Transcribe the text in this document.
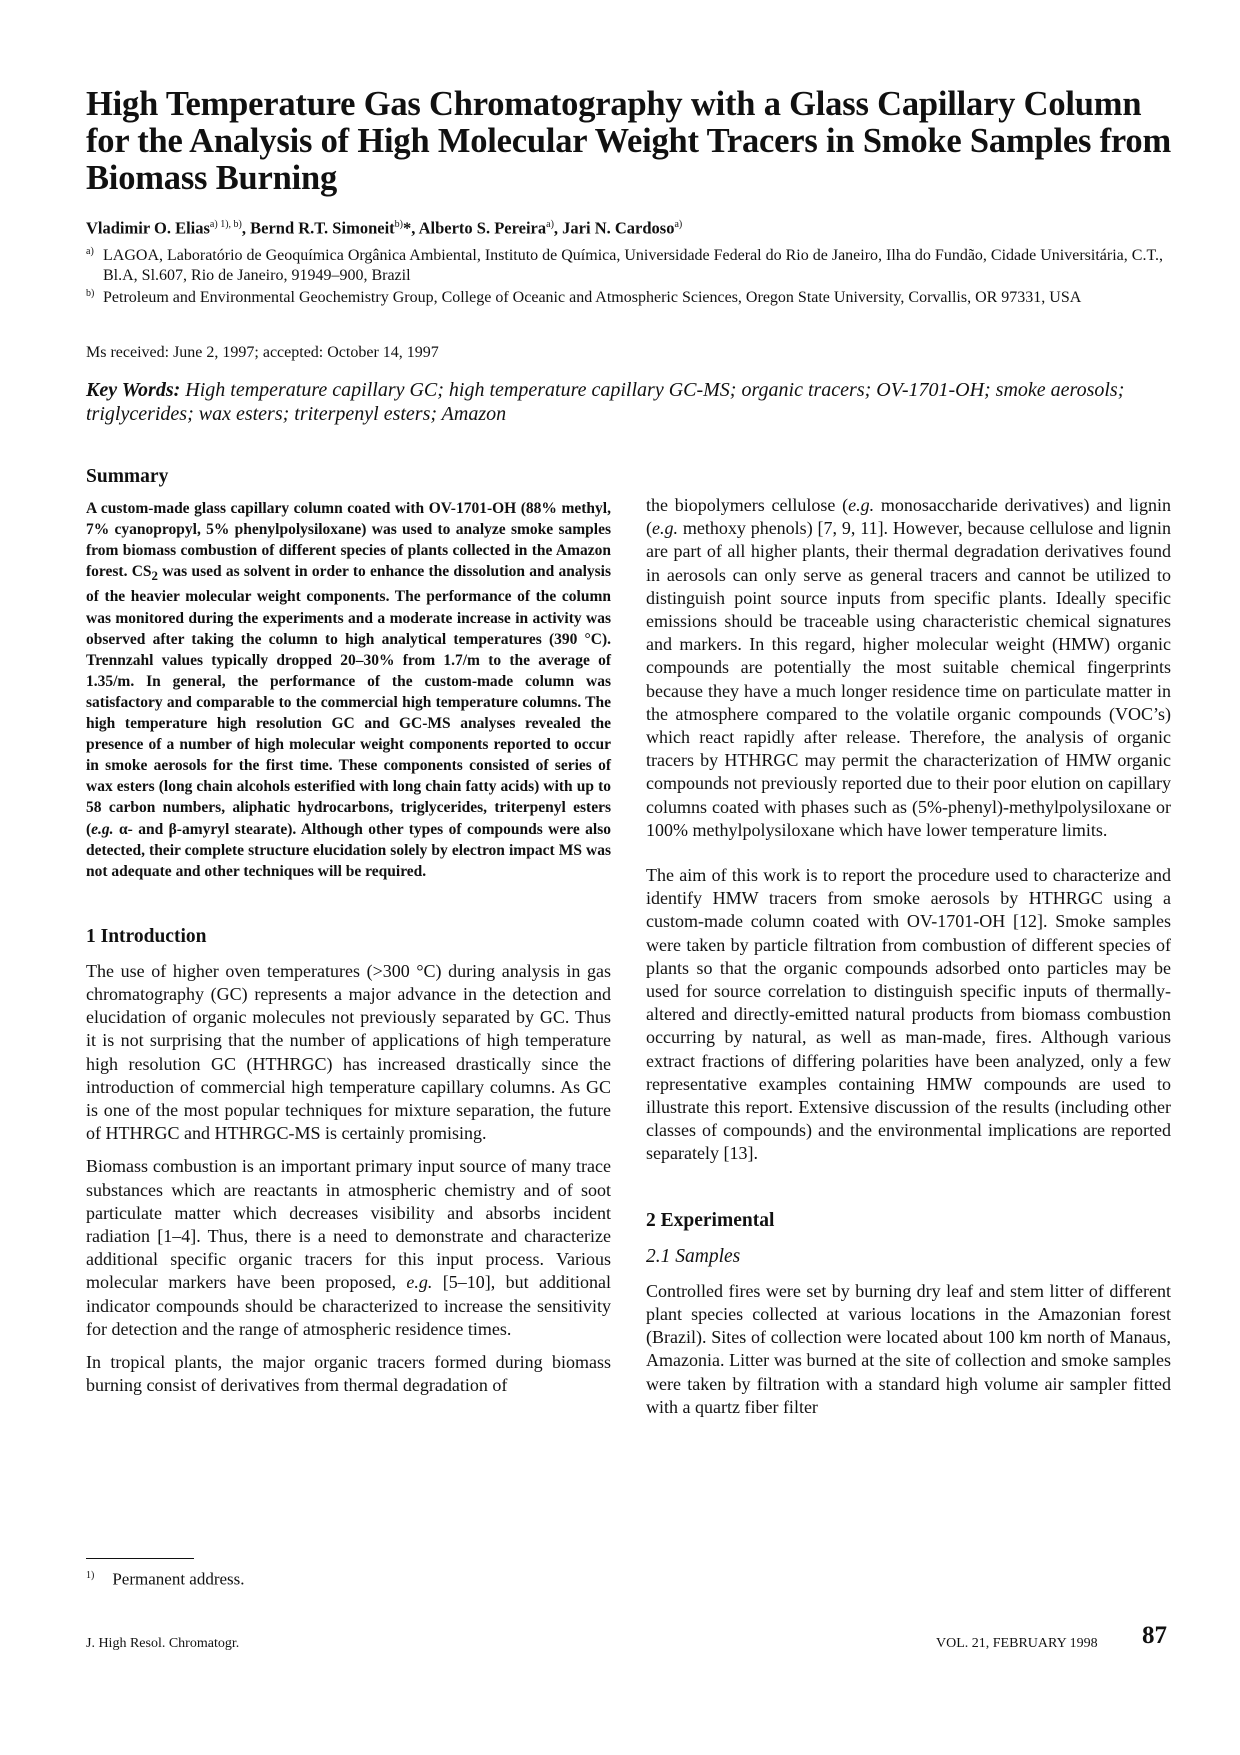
High Temperature Gas Chromatography with a Glass Capillary Column for the Analysis of High Molecular Weight Tracers in Smoke Samples from Biomass Burning

Vladimir O. Elias$^{a) 1), b)}$, Bernd R.T. Simoneit$^{b)}$*, Alberto S. Pereira$^{a)}$, Jari N. Cardoso$^{a)}$

a) LAGOA, Laboratório de Geoquímica Orgânica Ambiental, Instituto de Química, Universidade Federal do Rio de Janeiro, Ilha do Fundão, Cidade Universitária, C.T., Bl.A, Sl.607, Rio de Janeiro, 91949–900, Brazil
b) Petroleum and Environmental Geochemistry Group, College of Oceanic and Atmospheric Sciences, Oregon State University, Corvallis, OR 97331, USA
Ms received: June 2, 1997; accepted: October 14, 1997
Key Words: High temperature capillary GC; high temperature capillary GC-MS; organic tracers; OV-1701-OH; smoke aerosols; triglycerides; wax esters; triterpenyl esters; Amazon
Summary

A custom-made glass capillary column coated with OV-1701-OH (88% methyl, 7% cyanopropyl, 5% phenylpolysiloxane) was used to analyze smoke samples from biomass combustion of different species of plants collected in the Amazon forest. $CS_2$ was used as solvent in order to enhance the dissolution and analysis of the heavier molecular weight components. The performance of the column was monitored during the experiments and a moderate increase in activity was observed after taking the column to high analytical temperatures (390 °C). Trennzahl values typically dropped 20–30% from 1.7/m to the average of 1.35/m. In general, the performance of the custom-made column was satisfactory and comparable to the commercial high temperature columns. The high temperature high resolution GC and GC-MS analyses revealed the presence of a number of high molecular weight components reported to occur in smoke aerosols for the first time. These components consisted of series of wax esters (long chain alcohols esterified with long chain fatty acids) with up to 58 carbon numbers, aliphatic hydrocarbons, triglycerides, triterpenyl esters (e.g. α- and β-amyryl stearate). Although other types of compounds were also detected, their complete structure elucidation solely by electron impact MS was not adequate and other techniques will be required.

1 Introduction

The use of higher oven temperatures (>300 °C) during analysis in gas chromatography (GC) represents a major advance in the detection and elucidation of organic molecules not previously separated by GC. Thus it is not surprising that the number of applications of high temperature high resolution GC (HTHRGC) has increased drastically since the introduction of commercial high temperature capillary columns. As GC is one of the most popular techniques for mixture separation, the future of HTHRGC and HTHRGC-MS is certainly promising.

Biomass combustion is an important primary input source of many trace substances which are reactants in atmospheric chemistry and of soot particulate matter which decreases visibility and absorbs incident radiation [1–4]. Thus, there is a need to demonstrate and characterize additional specific organic tracers for this input process. Various molecular markers have been proposed, e.g. [5–10], but additional indicator compounds should be characterized to increase the sensitivity for detection and the range of atmospheric residence times.

In tropical plants, the major organic tracers formed during biomass burning consist of derivatives from thermal degradation of

the biopolymers cellulose (e.g. monosaccharide derivatives) and lignin (e.g. methoxy phenols) [7, 9, 11]. However, because cellulose and lignin are part of all higher plants, their thermal degradation derivatives found in aerosols can only serve as general tracers and cannot be utilized to distinguish point source inputs from specific plants. Ideally specific emissions should be traceable using characteristic chemical signatures and markers. In this regard, higher molecular weight (HMW) organic compounds are potentially the most suitable chemical fingerprints because they have a much longer residence time on particulate matter in the atmosphere compared to the volatile organic compounds (VOC’s) which react rapidly after release. Therefore, the analysis of organic tracers by HTHRGC may permit the characterization of HMW organic compounds not previously reported due to their poor elution on capillary columns coated with phases such as (5%-phenyl)-methylpolysiloxane or 100% methylpolysiloxane which have lower temperature limits.

The aim of this work is to report the procedure used to characterize and identify HMW tracers from smoke aerosols by HTHRGC using a custom-made column coated with OV-1701-OH [12]. Smoke samples were taken by particle filtration from combustion of different species of plants so that the organic compounds adsorbed onto particles may be used for source correlation to distinguish specific inputs of thermally-altered and directly-emitted natural products from biomass combustion occurring by natural, as well as man-made, fires. Although various extract fractions of differing polarities have been analyzed, only a few representative examples containing HMW compounds are used to illustrate this report. Extensive discussion of the results (including other classes of compounds) and the environmental implications are reported separately [13].

2 Experimental
2.1 Samples

Controlled fires were set by burning dry leaf and stem litter of different plant species collected at various locations in the Amazonian forest (Brazil). Sites of collection were located about 100 km north of Manaus, Amazonia. Litter was burned at the site of collection and smoke samples were taken by filtration with a standard high volume air sampler fitted with a quartz fiber filter

$^{1)}$ Permanent address.
J. High Resol. Chromatogr.	VOL. 21, FEBRUARY 1998 87
